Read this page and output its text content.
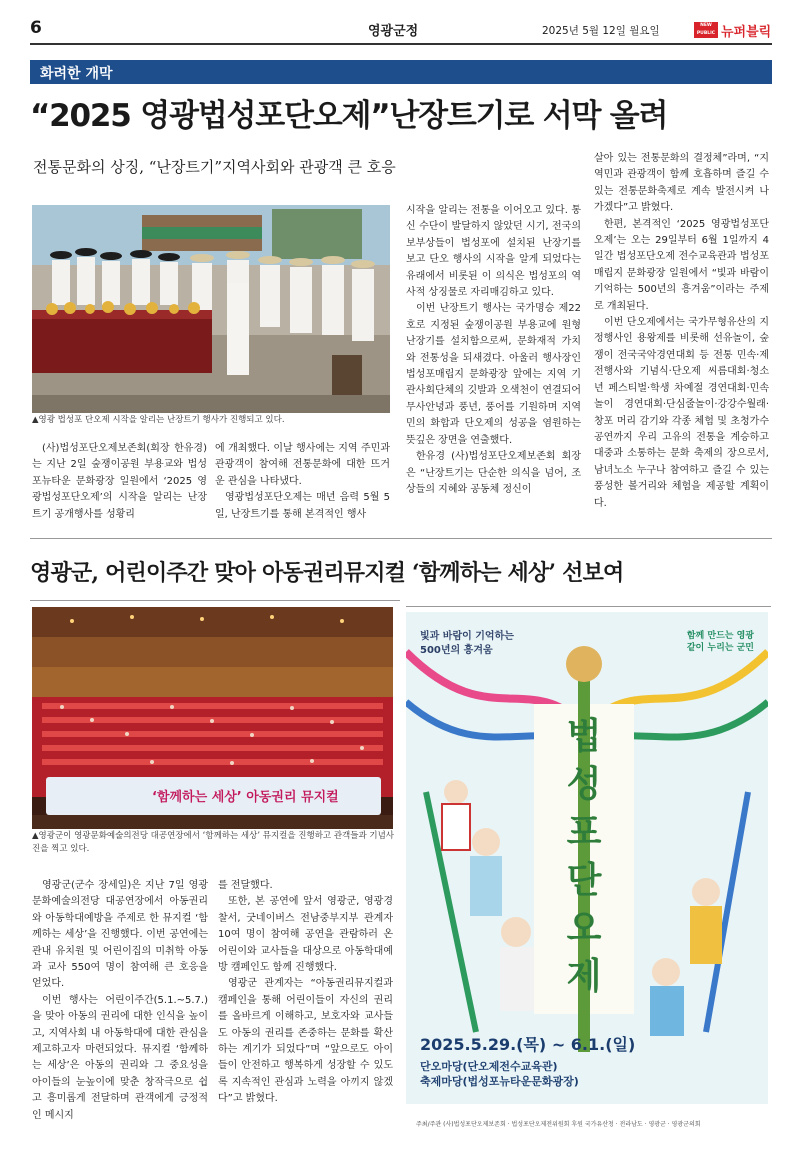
6	영광군정	2025년 5월 12일 월요일	NEW PUBLIC 뉴퍼블릭
화려한 개막
“2025 영광법성포단오제”난장트기로 서막 올려
전통문화의 상징, “난장트기”지역사회와 관광객 큰 호응
▲영광 법성포 단오제 시작을 알리는 난장트기 행사가 진행되고 있다.

(사)법성포단오제보존회(회장 한유경)는 지난 2일 숲쟁이공원 부용교와 법성포뉴타운 문화광장 일원에서 ‘2025 영광법성포단오제’의 시작을 알리는 난장트기 공개행사를 성황리

에 개최했다. 이날 행사에는 지역 주민과 관광객이 참여해 전통문화에 대한 뜨거운 관심을 나타냈다.

영광법성포단오제는 매년 음력 5월 5일, 난장트기를 통해 본격적인 행사

시작을 알리는 전통을 이어오고 있다. 통신 수단이 발달하지 않았던 시기, 전국의 보부상들이 법성포에 설치된 난장기를 보고 단오 행사의 시작을 알게 되었다는 유래에서 비롯된 이 의식은 법성포의 역사적 상징물로 자리매김하고 있다.

이번 난장트기 행사는 국가명승 제22호로 지정된 숲쟁이공원 부용교에 원형 난장기를 설치함으로써, 문화재적 가치와 전통성을 되새겼다. 아울러 행사장인 법성포매립지 문화광장 앞에는 지역 기관사회단체의 깃발과 오색천이 연결되어 무사안녕과 풍년, 풍어를 기원하며 지역민의 화합과 단오제의 성공을 염원하는 뜻깊은 장면을 연출했다.

한유경 (사)법성포단오제보존회 회장은 “난장트기는 단순한 의식을 넘어, 조상들의 지혜와 공동체 정신이

살아 있는 전통문화의 결정체”라며, “지역민과 관광객이 함께 호흡하며 즐길 수 있는 전통문화축제로 계속 발전시켜 나가겠다”고 밝혔다.

한편, 본격적인 ‘2025 영광법성포단오제’는 오는 29일부터 6월 1일까지 4일간 법성포단오제 전수교육관과 법성포매립지 문화광장 일원에서 “빛과 바람이 기억하는 500년의 흥겨움”이라는 주제로 개최된다.

이번 단오제에서는 국가무형유산의 지정행사인 용왕제를 비롯해 선유놀이, 숲쟁이 전국국악경연대회 등 전통 민속·제전행사와 기념식·단오제 씨름대회·청소년 페스티벌·학생 차예절 경연대회·민속놀이 경연대회·단심줄놀이·강강수월래·창포 머리 감기와 각종 체험 및 초청가수 공연까지 우리 고유의 전통을 계승하고 대중과 소통하는 문화 축제의 장으로서, 남녀노소 누구나 참여하고 즐길 수 있는 풍성한 볼거리와 체험을 제공할 계획이다.

영광군, 어린이주간 맞아 아동권리뮤지컬 ‘함께하는 세상’ 선보여
‘함께하는 세상’ 아동권리 뮤지컬
▲영광군이 영광문화예술의전당 대공연장에서 ‘함께하는 세상’ 뮤지컬을 진행하고 관객들과 기념사진을 찍고 있다.

영광군(군수 장세일)은 지난 7일 영광문화예술의전당 대공연장에서 아동권리와 아동학대예방을 주제로 한 뮤지컬 ‘함께하는 세상’을 진행했다. 이번 공연에는 관내 유치원 및 어린이집의 미취학 아동과 교사 550여 명이 참여해 큰 호응을 얻었다.

이번 행사는 어린이주간(5.1.~5.7.)을 맞아 아동의 권리에 대한 인식을 높이고, 지역사회 내 아동학대에 대한 관심을 제고하고자 마련되었다. 뮤지컬 ‘함께하는 세상’은 아동의 권리와 그 중요성을 아이들의 눈높이에 맞춘 창작극으로 쉽고 흥미롭게 전달하며 관객에게 긍정적인 메시지

를 전달했다.

또한, 본 공연에 앞서 영광군, 영광경찰서, 굿네이버스 전남중부지부 관계자 10여 명이 참여해 공연을 관람하러 온 어린이와 교사들을 대상으로 아동학대예방 캠페인도 함께 진행했다.

영광군 관계자는 “아동권리뮤지컬과 캠페인을 통해 어린이들이 자신의 권리를 올바르게 이해하고, 보호자와 교사들도 아동의 권리를 존중하는 문화를 확산하는 계기가 되었다”며 “앞으로도 아이들이 안전하고 행복하게 성장할 수 있도록 지속적인 관심과 노력을 아끼지 않겠다”고 밝혔다.

빛과 바람이 기억하는
500년의 흥겨움
함께 만드는 영광
같이 누리는 군민
법
성
포
단
오
제
2025.5.29.(목) ~ 6.1.(일)
단오마당(단오제전수교육관)
축제마당(법성포뉴타운문화광장)
주최/주관 (사)법성포단오제보존회 · 법성포단오제전위원회 후원 국가유산청 · 전라남도 · 영광군 · 영광군의회
